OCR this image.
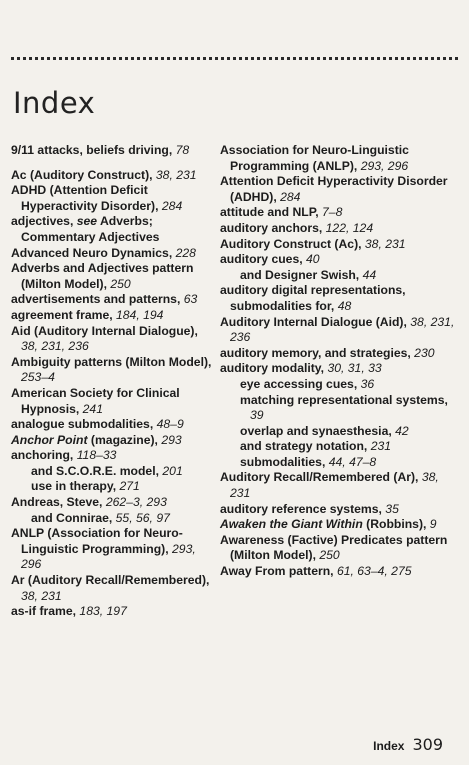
Index

9/11 attacks, beliefs driving, 78

Ac (Auditory Construct), 38, 231

ADHD (Attention Deficit Hyperactivity Disorder), 284

adjectives, see Adverbs; Commentary Adjectives

Advanced Neuro Dynamics, 228

Adverbs and Adjectives pattern (Milton Model), 250

advertisements and patterns, 63

agreement frame, 184, 194

Aid (Auditory Internal Dialogue), 38, 231, 236

Ambiguity patterns (Milton Model), 253–4

American Society for Clinical Hypnosis, 241

analogue submodalities, 48–9

Anchor Point (magazine), 293

anchoring, 118–33

and S.C.O.R.E. model, 201

use in therapy, 271

Andreas, Steve, 262–3, 293

and Connirae, 55, 56, 97

ANLP (Association for Neuro-Linguistic Programming), 293, 296

Ar (Auditory Recall/Remembered), 38, 231

as-if frame, 183, 197

Association for Neuro-Linguistic Programming (ANLP), 293, 296

Attention Deficit Hyperactivity Disorder (ADHD), 284

attitude and NLP, 7–8

auditory anchors, 122, 124

Auditory Construct (Ac), 38, 231

auditory cues, 40

and Designer Swish, 44

auditory digital representations, submodalities for, 48

Auditory Internal Dialogue (Aid), 38, 231, 236

auditory memory, and strategies, 230

auditory modality, 30, 31, 33

eye accessing cues, 36

matching representational systems, 39

overlap and synaesthesia, 42

and strategy notation, 231

submodalities, 44, 47–8

Auditory Recall/Remembered (Ar), 38, 231

auditory reference systems, 35

Awaken the Giant Within (Robbins), 9

Awareness (Factive) Predicates pattern (Milton Model), 250

Away From pattern, 61, 63–4, 275

Index 309
